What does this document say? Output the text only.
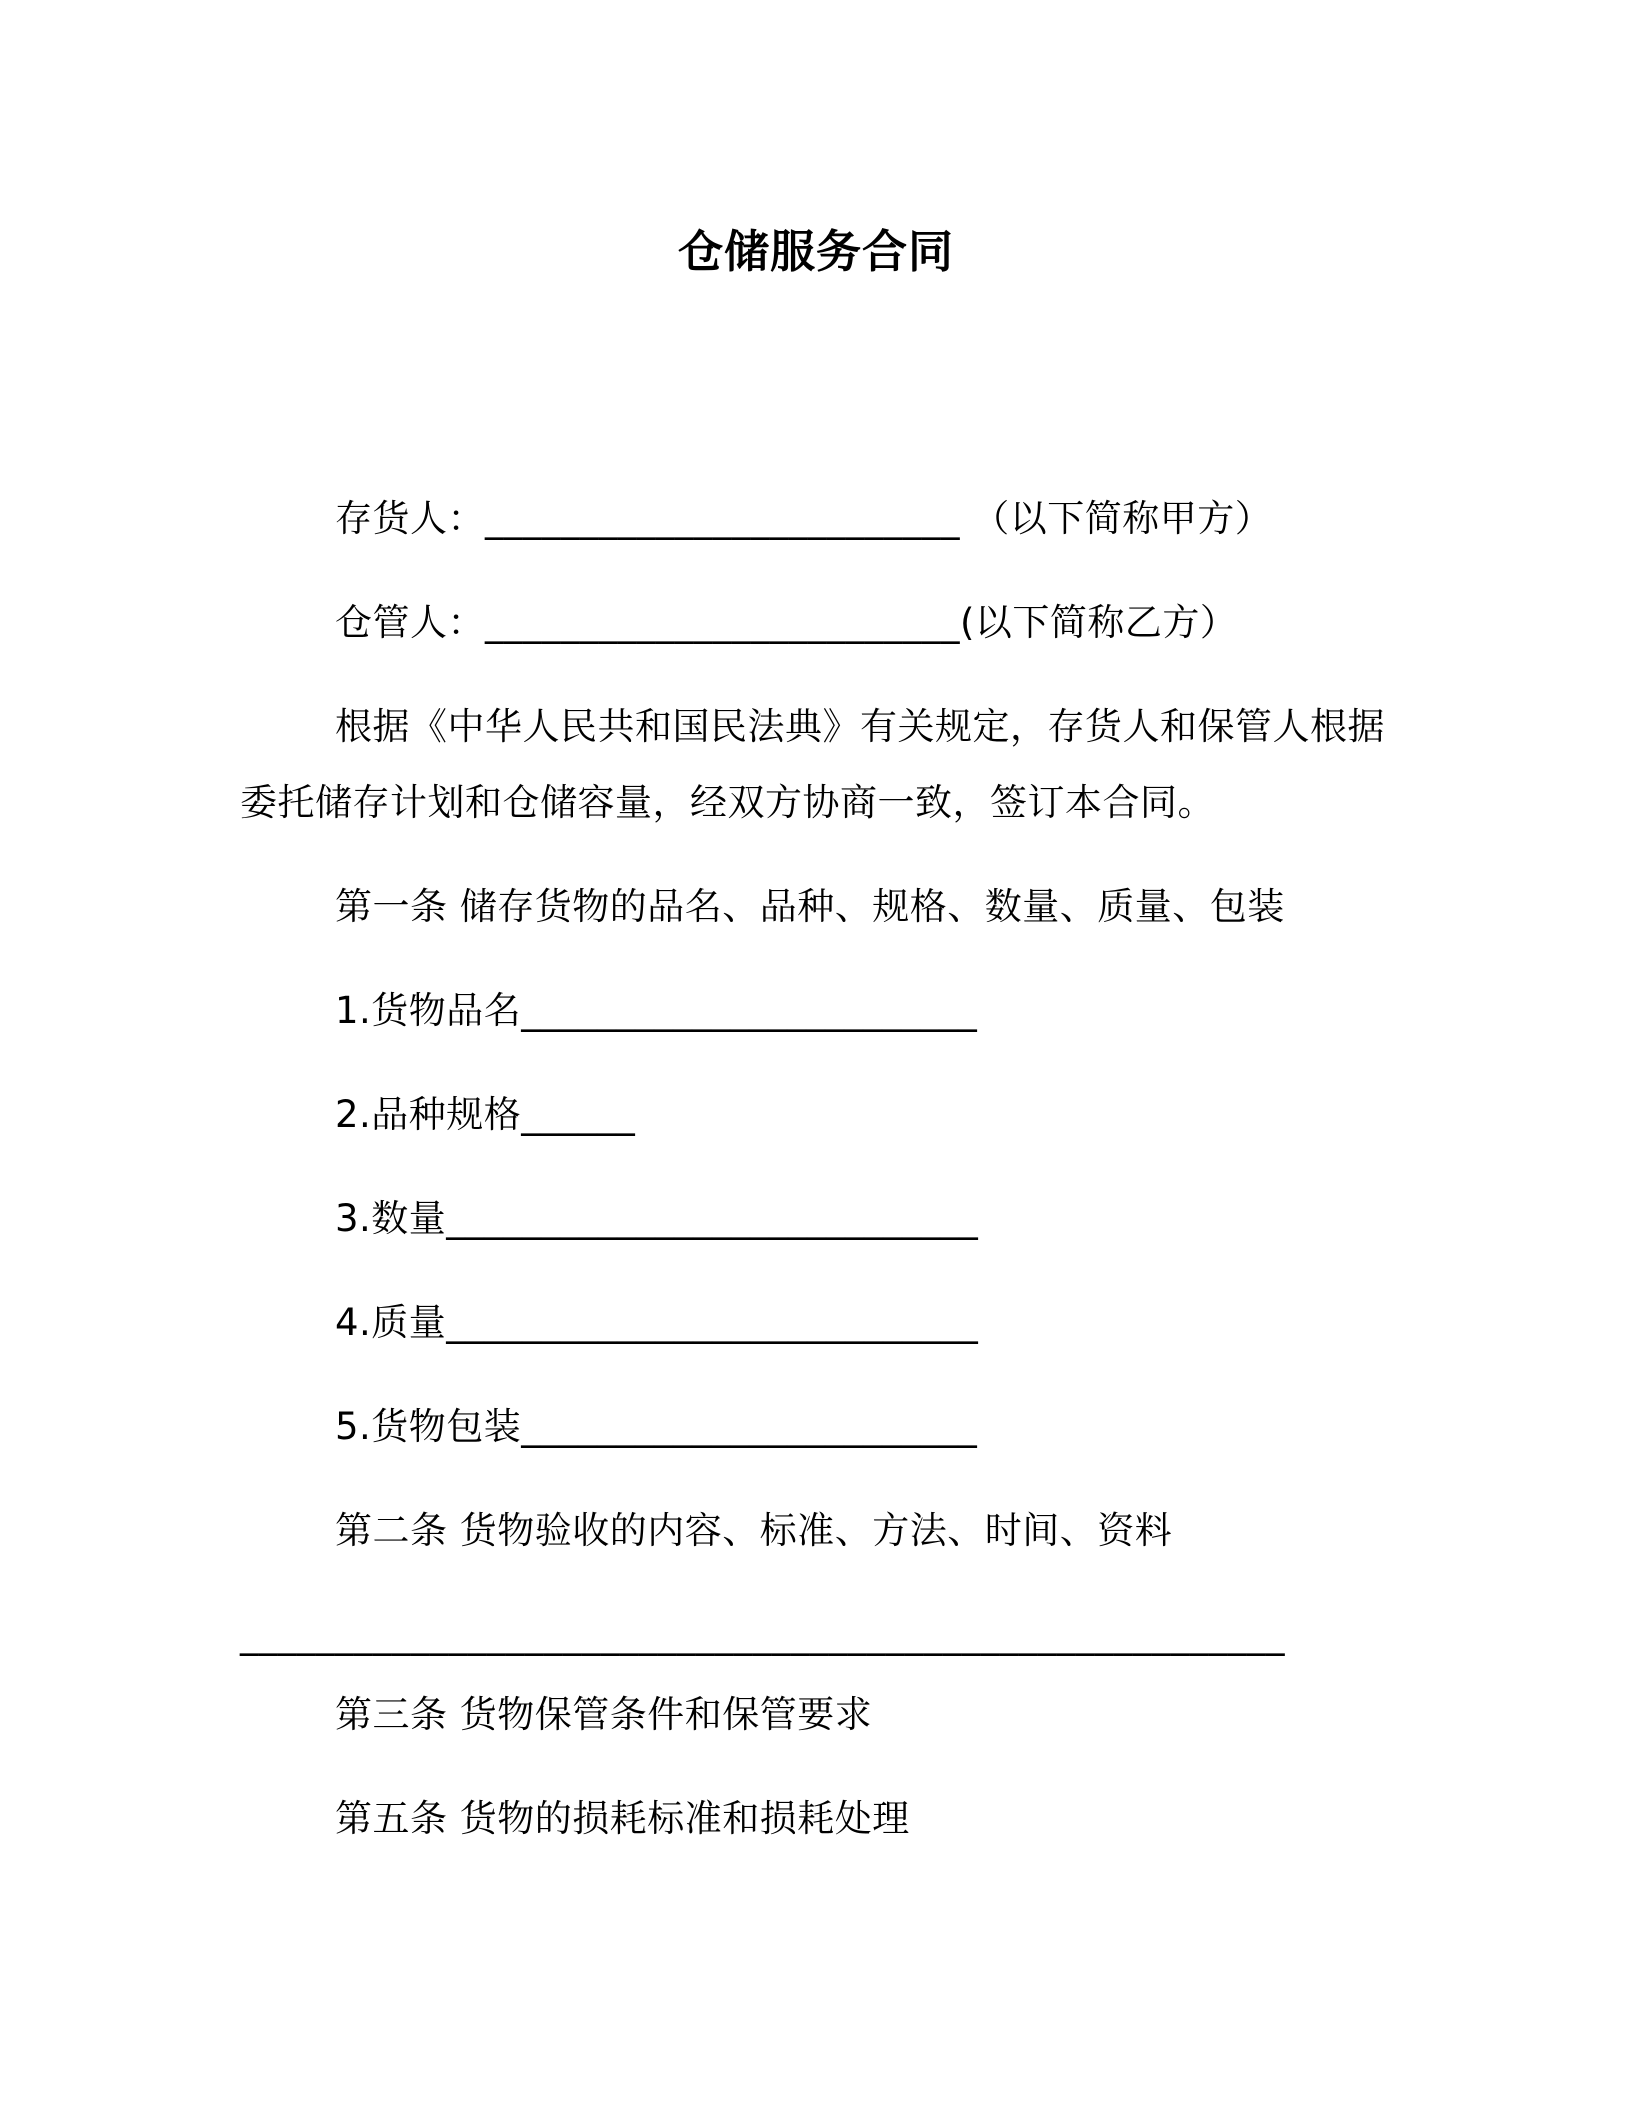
仓储服务合同
存货人：_________________________ （以下简称甲方）
仓管人：_________________________(以下简称乙方）
根据《中华人民共和国民法典》有关规定，存货人和保管人根据
委托储存计划和仓储容量，经双方协商一致，签订本合同。
第一条 储存货物的品名、品种、规格、数量、质量、包装
1.货物品名________________________
2.品种规格______
3.数量____________________________
4.质量____________________________
5.货物包装________________________
第二条 货物验收的内容、标准、方法、时间、资料
_______________________________________________________
第三条 货物保管条件和保管要求
第五条 货物的损耗标准和损耗处理
